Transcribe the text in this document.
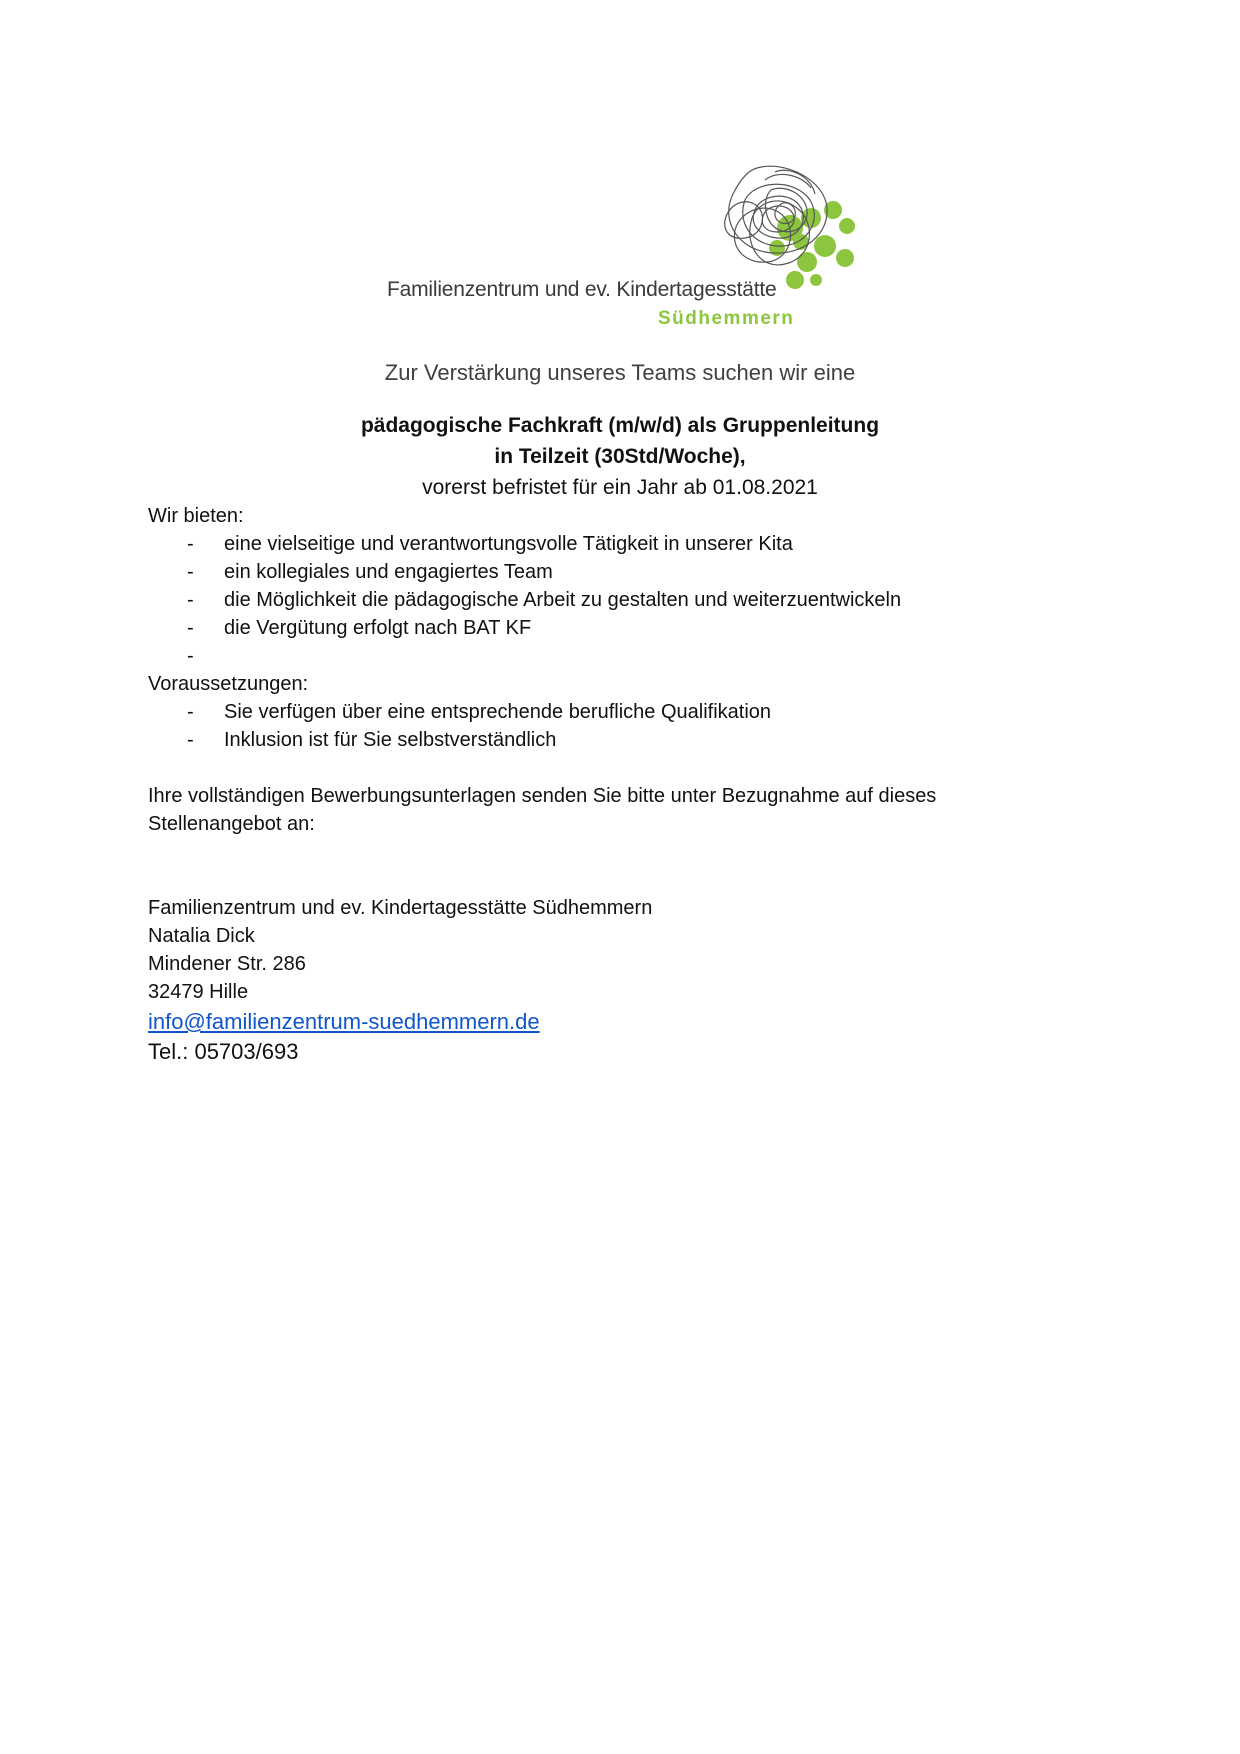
Familienzentrum und ev. Kindertagesstätte
Südhemmern

Zur Verstärkung unseres Teams suchen wir eine

pädagogische Fachkraft (m/w/d) als Gruppenleitung
in Teilzeit (30Std/Woche),
vorerst befristet für ein Jahr ab 01.08.2021

Wir bieten:

- eine vielseitige und verantwortungsvolle Tätigkeit in unserer Kita
- ein kollegiales und engagiertes Team
- die Möglichkeit die pädagogische Arbeit zu gestalten und weiterzuentwickeln
- die Vergütung erfolgt nach BAT KF
-

Voraussetzungen:

- Sie verfügen über eine entsprechende berufliche Qualifikation
- Inklusion ist für Sie selbstverständlich

Ihre vollständigen Bewerbungsunterlagen senden Sie bitte unter Bezugnahme auf dieses

Stellenangebot an:

Familienzentrum und ev. Kindertagesstätte Südhemmern

Natalia Dick

Mindener Str. 286

32479 Hille

info@familienzentrum-suedhemmern.de

Tel.: 05703/693
